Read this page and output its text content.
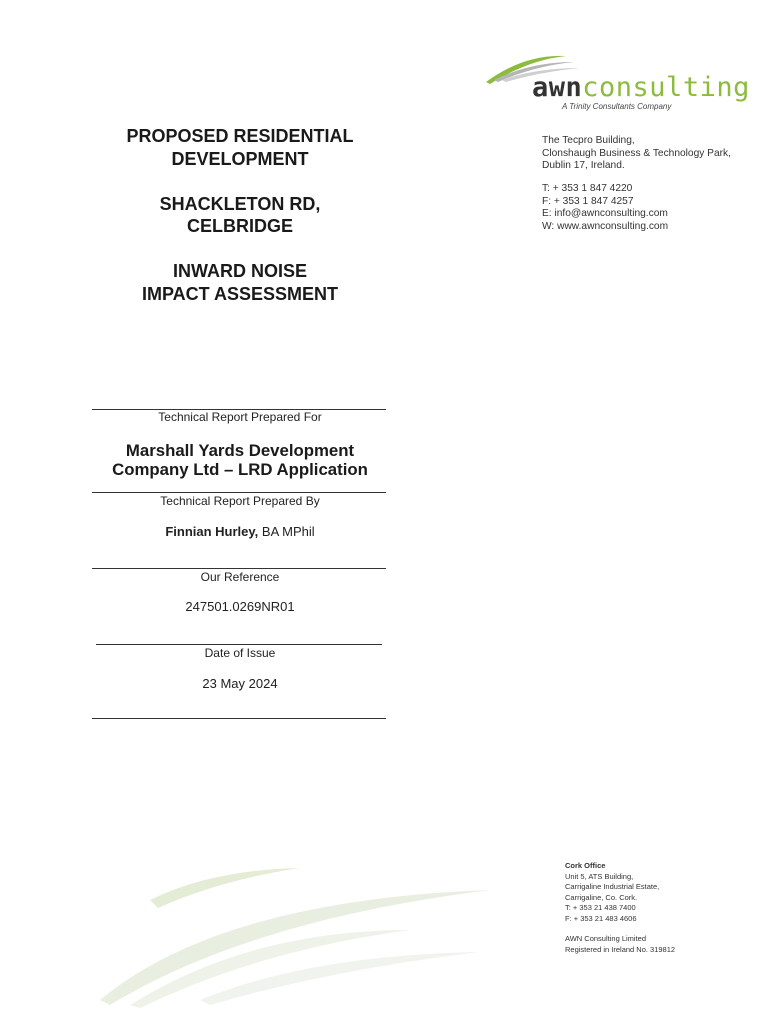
awnconsulting
A Trinity Consultants Company
The Tecpro Building,
Clonshaugh Business & Technology Park,
Dublin 17, Ireland.
T: + 353 1 847 4220
F: + 353 1 847 4257
E: info@awnconsulting.com
W: www.awnconsulting.com
PROPOSED RESIDENTIAL
DEVELOPMENT
SHACKLETON RD,
CELBRIDGE
INWARD NOISE
IMPACT ASSESSMENT
Technical Report Prepared For
Marshall Yards Development
Company Ltd – LRD Application
Technical Report Prepared By
Finnian Hurley, BA MPhil
Our Reference
247501.0269NR01
Date of Issue
23 May 2024
Cork Office
Unit 5, ATS Building,
Carrigaline Industrial Estate,
Carrigaline, Co. Cork.
T: + 353 21 438 7400
F: + 353 21 483 4606
AWN Consulting Limited
Registered in Ireland No. 319812
